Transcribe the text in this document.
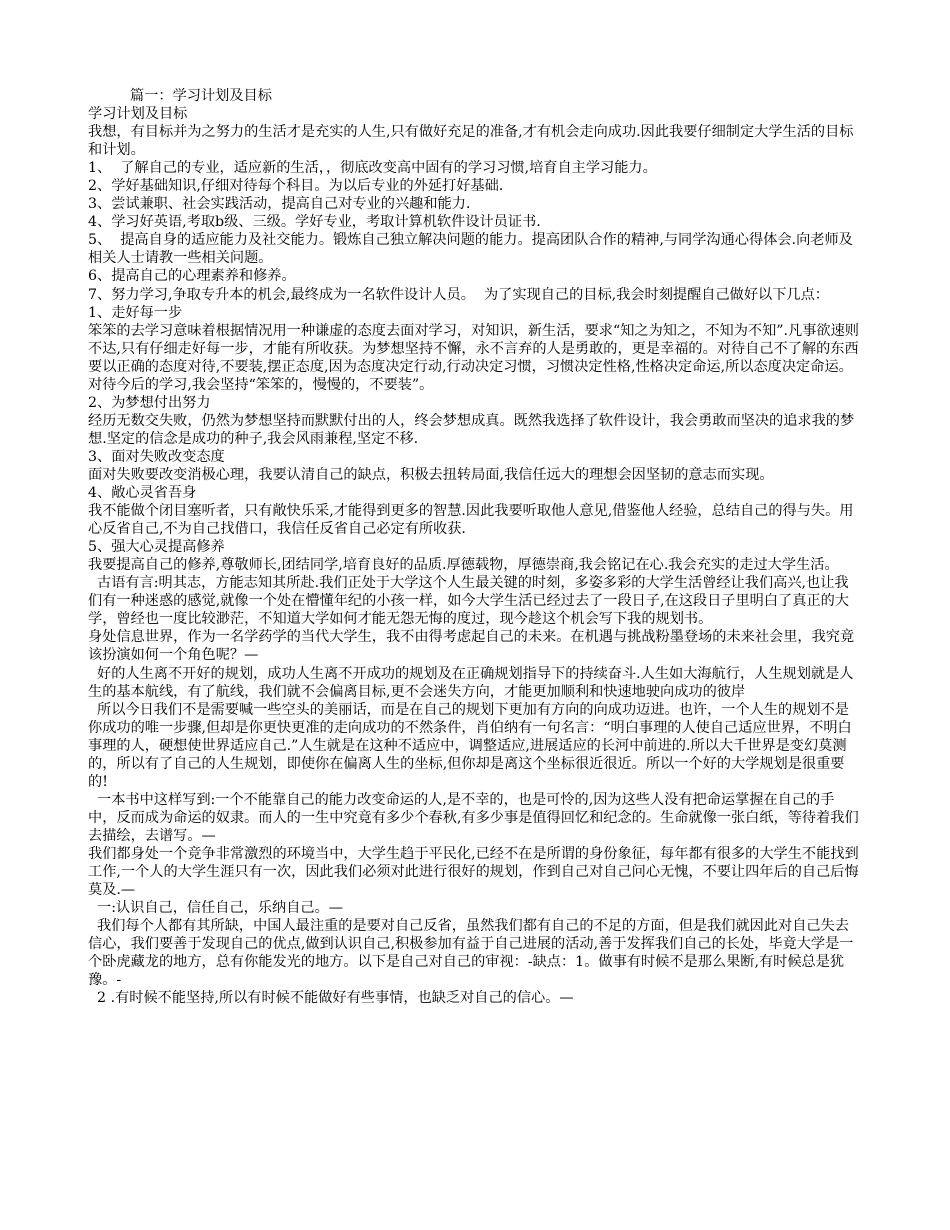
篇一：学习计划及目标

学习计划及目标

我想，有目标并为之努力的生活才是充实的人生,只有做好充足的准备,才有机会走向成功.因此我要仔细制定大学生活的目标和计划。

1、  了解自己的专业，适应新的生活，，彻底改变高中固有的学习习惯,培育自主学习能力。

2、学好基础知识,仔细对待每个科目。为以后专业的外延打好基础.

3、尝试兼职、社会实践活动，提高自己对专业的兴趣和能力.

4、学习好英语,考取b级、三级。学好专业，考取计算机软件设计员证书.

5、  提高自身的适应能力及社交能力。锻炼自己独立解决问题的能力。提高团队合作的精神,与同学沟通心得体会.向老师及相关人士请教一些相关问题。

6、提高自己的心理素养和修养。

7、努力学习,争取专升本的机会,最终成为一名软件设计人员。  为了实现自己的目标,我会时刻提醒自己做好以下几点：

1、走好每一步

笨笨的去学习意味着根据情况用一种谦虚的态度去面对学习，对知识，新生活，要求“知之为知之，不知为不知”.凡事欲速则不达,只有仔细走好每一步，才能有所收获。为梦想坚持不懈，永不言弃的人是勇敢的，更是幸福的。对待自己不了解的东西要以正确的态度对待,不要装,摆正态度,因为态度决定行动,行动决定习惯，习惯决定性格,性格决定命运,所以态度决定命运。对待今后的学习,我会坚持“笨笨的，慢慢的，不要装”。

2、为梦想付出努力

经历无数交失败，仍然为梦想坚持而默默付出的人，终会梦想成真。既然我选择了软件设计，我会勇敢而坚决的追求我的梦想.坚定的信念是成功的种子,我会风雨兼程,坚定不移.

3、面对失败改变态度

面对失败要改变消极心理，我要认清自己的缺点，积极去扭转局面,我信任远大的理想会因坚韧的意志而实现。

4、敞心灵省吾身

我不能做个闭目塞听者，只有敞快乐采,才能得到更多的智慧.因此我要听取他人意见,借鉴他人经验，总结自己的得与失。用心反省自己,不为自己找借口，我信任反省自己必定有所收获.

5、强大心灵提高修养

我要提高自己的修养,尊敬师长,团结同学,培育良好的品质.厚德载物，厚德崇商,我会铭记在心.我会充实的走过大学生活。

古语有言:明其志，方能志知其所赴.我们正处于大学这个人生最关键的时刻，多姿多彩的大学生活曾经让我们高兴,也让我们有一种迷惑的感觉,就像一个处在懵懂年纪的小孩一样，如今大学生活已经过去了一段日子,在这段日子里明白了真正的大学，曾经也一度比较渺茫，不知道大学如何才能无怨无悔的度过，现今趁这个机会写下我的规划书。

身处信息世界，作为一名学药学的当代大学生，我不由得考虑起自己的未来。在机遇与挑战粉墨登场的未来社会里，我究竟该扮演如何一个角色呢？—

好的人生离不开好的规划，成功人生离不开成功的规划及在正确规划指导下的持续奋斗.人生如大海航行，人生规划就是人生的基本航线，有了航线，我们就不会偏离目标,更不会迷失方向，才能更加顺利和快速地驶向成功的彼岸

所以今日我们不是需要喊一些空头的美丽话，而是在自己的规划下更加有方向的向成功迈进。也许，一个人生的规划不是你成功的唯一步骤,但却是你更快更准的走向成功的不然条件，肖伯纳有一句名言：“明白事理的人使自己适应世界，不明白事理的人，硬想使世界适应自己.”人生就是在这种不适应中，调整适应,进展适应的长河中前进的.所以大千世界是变幻莫测的，所以有了自己的人生规划，即使你在偏离人生的坐标,但你却是离这个坐标很近很近。所以一个好的大学规划是很重要的!

一本书中这样写到:一个不能靠自己的能力改变命运的人,是不幸的，也是可怜的,因为这些人没有把命运掌握在自己的手中，反而成为命运的奴隶。而人的一生中究竟有多少个春秋,有多少事是值得回忆和纪念的。生命就像一张白纸，等待着我们去描绘，去谱写。—

我们都身处一个竞争非常激烈的环境当中，大学生趋于平民化,已经不在是所谓的身份象征，每年都有很多的大学生不能找到工作,一个人的大学生涯只有一次，因此我们必须对此进行很好的规划，作到自己对自己问心无愧，不要让四年后的自己后悔莫及.—

一:认识自己，信任自己，乐纳自己。—

我们每个人都有其所缺，中国人最注重的是要对自己反省，虽然我们都有自己的不足的方面，但是我们就因此对自己失去信心，我们要善于发现自己的优点,做到认识自己,积极参加有益于自己进展的活动,善于发挥我们自己的长处，毕竟大学是一个卧虎藏龙的地方，总有你能发光的地方。以下是自己对自己的审视：-缺点：1。做事有时候不是那么果断,有时候总是犹豫。-

2 .有时候不能坚持,所以有时候不能做好有些事情，也缺乏对自己的信心。—
